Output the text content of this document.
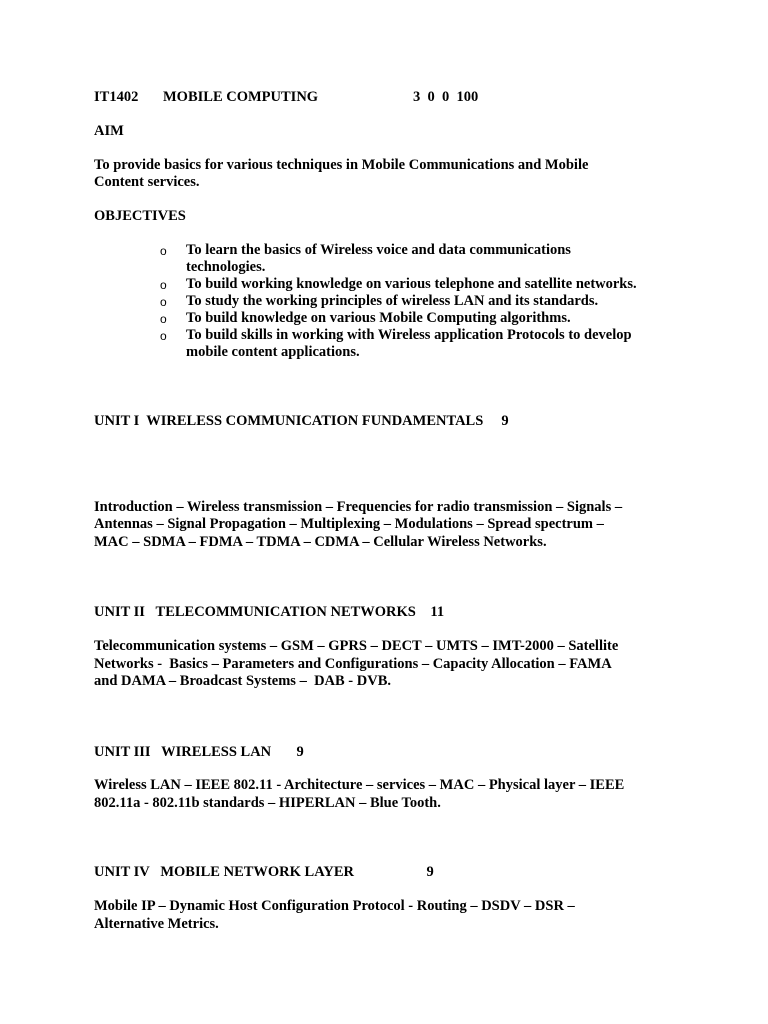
IT1402 MOBILE COMPUTING	3  0  0  100
AIM
To provide basics for various techniques in Mobile Communications and Mobile
Content services.
OBJECTIVES
o To learn the basics of Wireless voice and data communications
technologies.
o To build working knowledge on various telephone and satellite networks.
o To study the working principles of wireless LAN and its standards.
o To build knowledge on various Mobile Computing algorithms.
o To build skills in working with Wireless application Protocols to develop
mobile content applications.
UNIT I  WIRELESS COMMUNICATION FUNDAMENTALS     9
Introduction – Wireless transmission – Frequencies for radio transmission – Signals –
Antennas – Signal Propagation – Multiplexing – Modulations – Spread spectrum –
MAC – SDMA – FDMA – TDMA – CDMA – Cellular Wireless Networks.
UNIT II   TELECOMMUNICATION NETWORKS    11
Telecommunication systems – GSM – GPRS – DECT – UMTS – IMT-2000 – Satellite
Networks -  Basics – Parameters and Configurations – Capacity Allocation – FAMA
and DAMA – Broadcast Systems –  DAB - DVB.
UNIT III   WIRELESS LAN       9
Wireless LAN – IEEE 802.11 - Architecture – services – MAC – Physical layer – IEEE
802.11a - 802.11b standards – HIPERLAN – Blue Tooth.
UNIT IV   MOBILE NETWORK LAYER                    9
Mobile IP – Dynamic Host Configuration Protocol - Routing – DSDV – DSR –
Alternative Metrics.
